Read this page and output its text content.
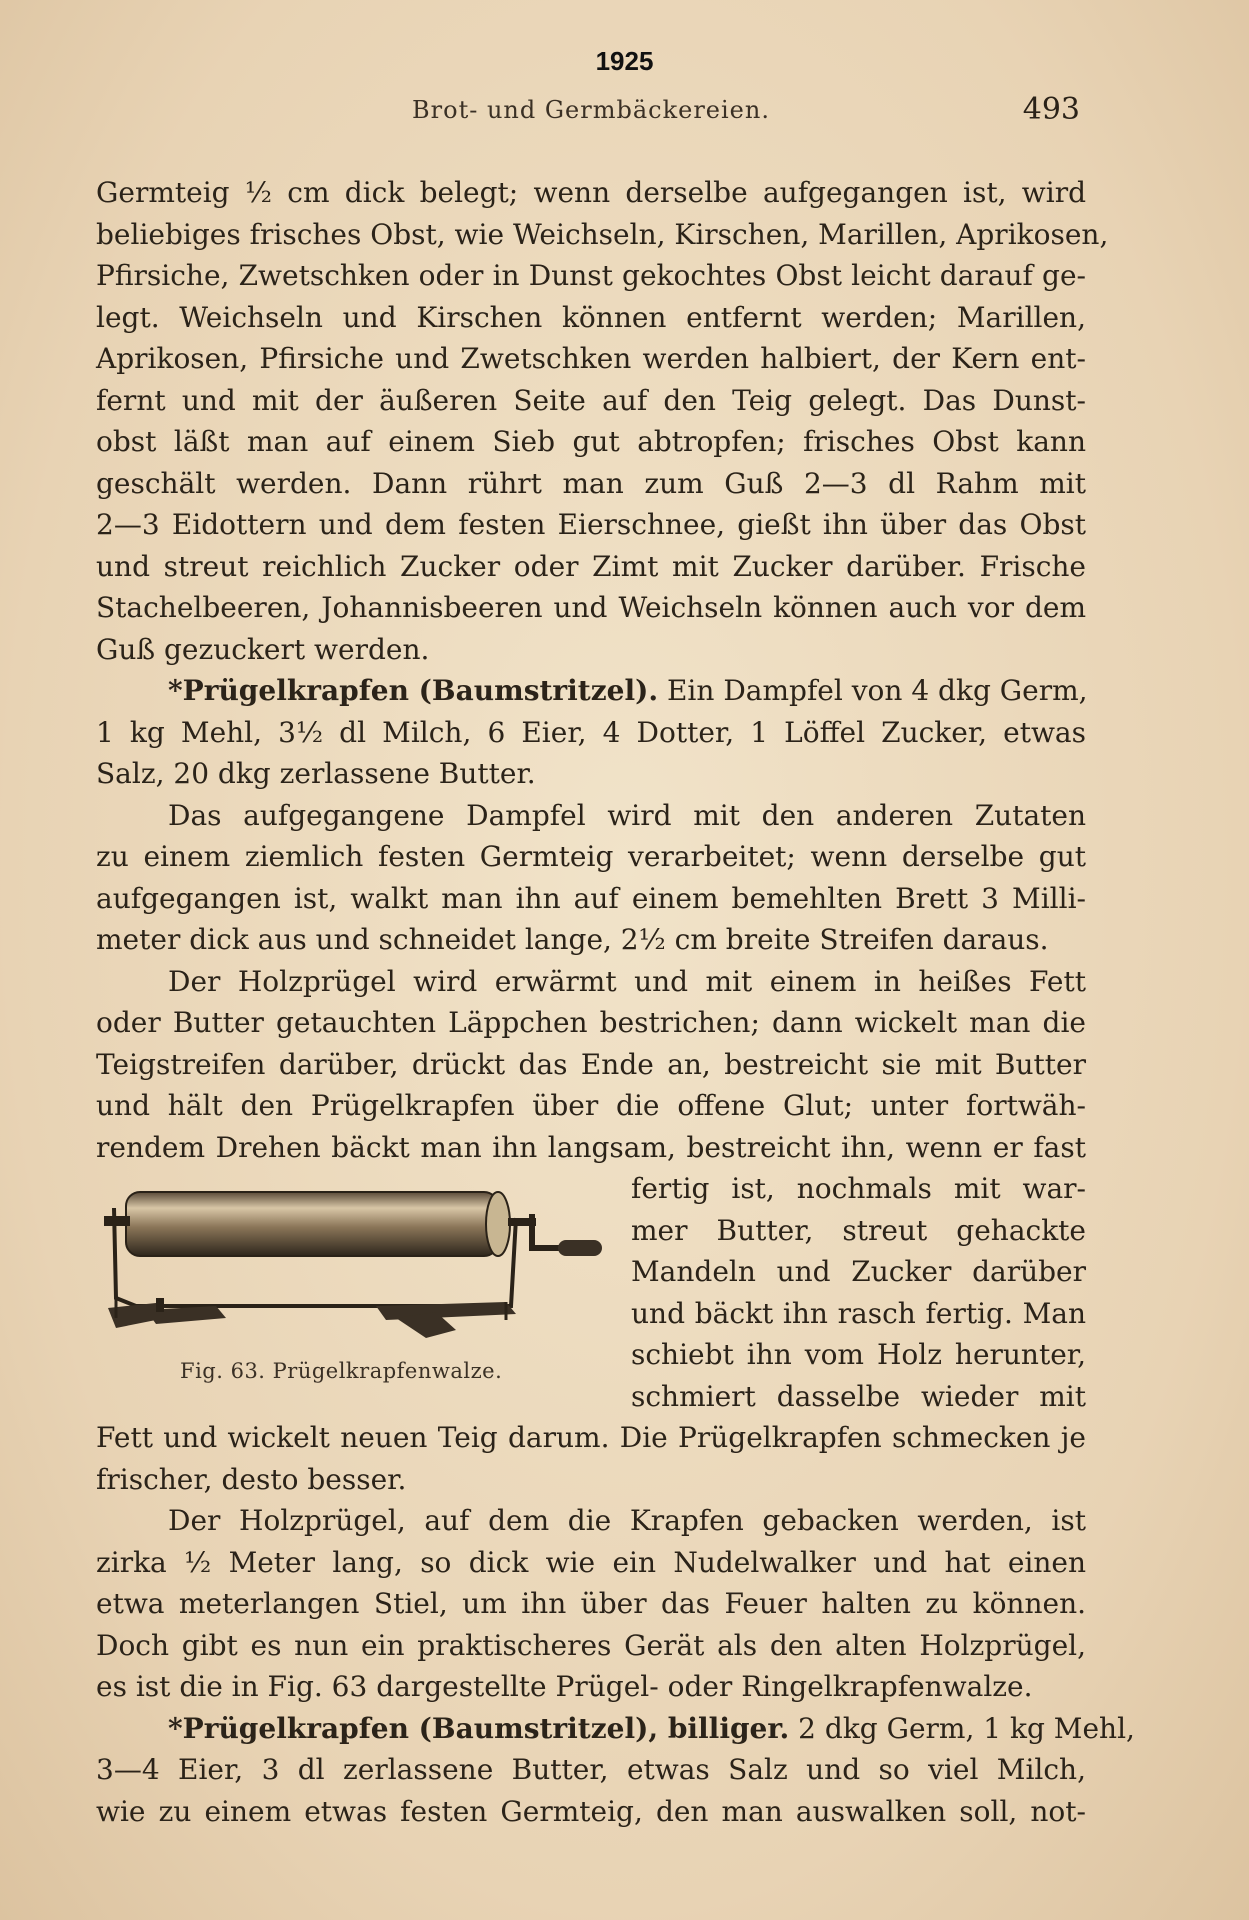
1925
Brot- und Germbäckereien.	493
Germteig ½ cm dick belegt; wenn derselbe aufgegangen ist, wird
beliebiges frisches Obst, wie Weichseln, Kirschen, Marillen, Aprikosen,
Pfirsiche, Zwetschken oder in Dunst gekochtes Obst leicht darauf ge-
legt. Weichseln und Kirschen können entfernt werden; Marillen,
Aprikosen, Pfirsiche und Zwetschken werden halbiert, der Kern ent-
fernt und mit der äußeren Seite auf den Teig gelegt. Das Dunst-
obst läßt man auf einem Sieb gut abtropfen; frisches Obst kann
geschält werden. Dann rührt man zum Guß 2—3 dl Rahm mit
2—3 Eidottern und dem festen Eierschnee, gießt ihn über das Obst
und streut reichlich Zucker oder Zimt mit Zucker darüber. Frische
Stachelbeeren, Johannisbeeren und Weichseln können auch vor dem
Guß gezuckert werden.
*Prügelkrapfen (Baumstritzel). Ein Dampfel von 4 dkg Germ,
1 kg Mehl, 3½ dl Milch, 6 Eier, 4 Dotter, 1 Löffel Zucker, etwas
Salz, 20 dkg zerlassene Butter.
Das aufgegangene Dampfel wird mit den anderen Zutaten
zu einem ziemlich festen Germteig verarbeitet; wenn derselbe gut
aufgegangen ist, walkt man ihn auf einem bemehlten Brett 3 Milli-
meter dick aus und schneidet lange, 2½ cm breite Streifen daraus.
Der Holzprügel wird erwärmt und mit einem in heißes Fett
oder Butter getauchten Läppchen bestrichen; dann wickelt man die
Teigstreifen darüber, drückt das Ende an, bestreicht sie mit Butter
und hält den Prügelkrapfen über die offene Glut; unter fortwäh-
rendem Drehen bäckt man ihn langsam, bestreicht ihn, wenn er fast
fertig ist, nochmals mit war-
mer Butter, streut gehackte
Mandeln und Zucker darüber
und bäckt ihn rasch fertig. Man
schiebt ihn vom Holz herunter,
schmiert dasselbe wieder mit
Fett und wickelt neuen Teig darum. Die Prügelkrapfen schmecken je
frischer, desto besser.
Der Holzprügel, auf dem die Krapfen gebacken werden, ist
zirka ½ Meter lang, so dick wie ein Nudelwalker und hat einen
etwa meterlangen Stiel, um ihn über das Feuer halten zu können.
Doch gibt es nun ein praktischeres Gerät als den alten Holzprügel,
es ist die in Fig. 63 dargestellte Prügel- oder Ringelkrapfenwalze.
*Prügelkrapfen (Baumstritzel), billiger. 2 dkg Germ, 1 kg Mehl,
3—4 Eier, 3 dl zerlassene Butter, etwas Salz und so viel Milch,
wie zu einem etwas festen Germteig, den man auswalken soll, not-
Fig. 63. Prügelkrapfenwalze.
